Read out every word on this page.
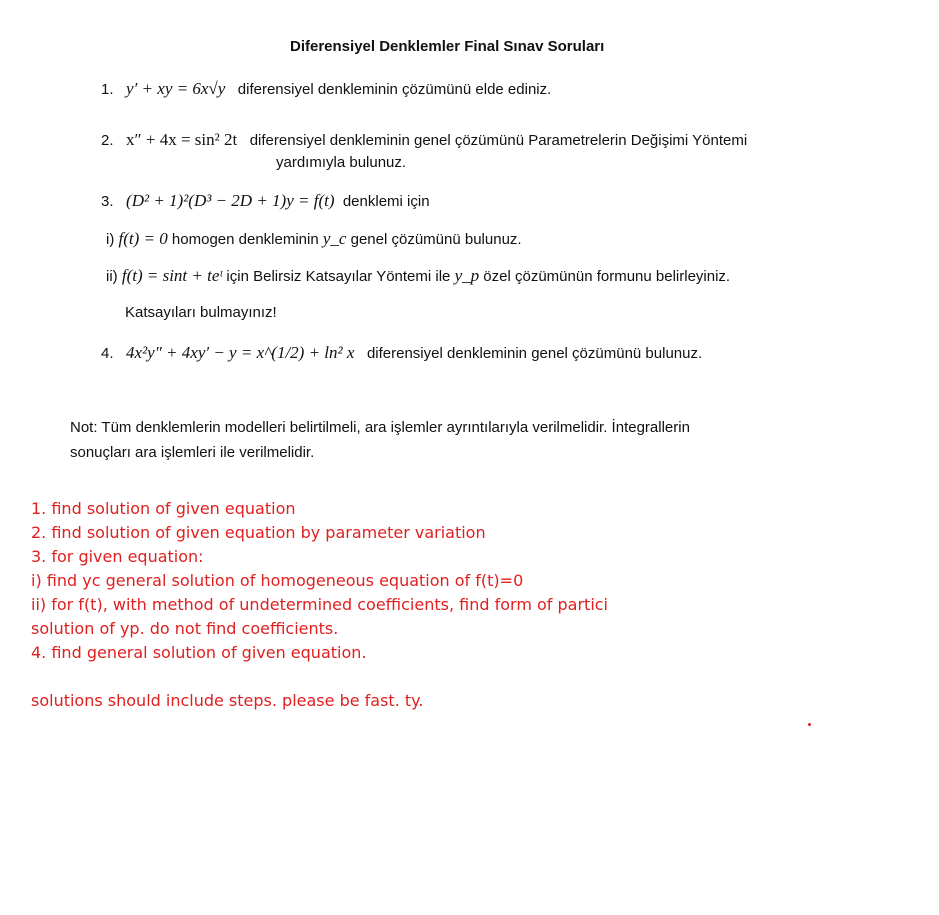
Diferensiyel Denklemler Final Sınav Soruları
1. y′ + xy = 6x√y diferensiyel denkleminin çözümünü elde ediniz.
2. x″ + 4x = sin² 2t diferensiyel denkleminin genel çözümünü Parametrelerin Değişimi Yöntemi
yardımıyla bulunuz.
3. (D² + 1)²(D³ − 2D + 1)y = f(t) denklemi için
i) f(t) = 0 homogen denkleminin y_c genel çözümünü bulunuz.
ii) f(t) = sint + teᵗ için Belirsiz Katsayılar Yöntemi ile y_p özel çözümünün formunu belirleyiniz.
Katsayıları bulmayınız!
4. 4x²y″ + 4xy′ − y = x^(1/2) + ln² x diferensiyel denkleminin genel çözümünü bulunuz.
Not: Tüm denklemlerin modelleri belirtilmeli, ara işlemler ayrıntılarıyla verilmelidir. İntegrallerin
sonuçları ara işlemleri ile verilmelidir.
1. find solution of given equation
2. find solution of given equation by parameter variation
3. for given equation:
i) find yc general solution of homogeneous equation of f(t)=0
ii) for f(t), with method of undetermined coefficients, find form of partici
solution of yp. do not find coefficients.
4. find general solution of given equation.
solutions should include steps. please be fast. ty.
